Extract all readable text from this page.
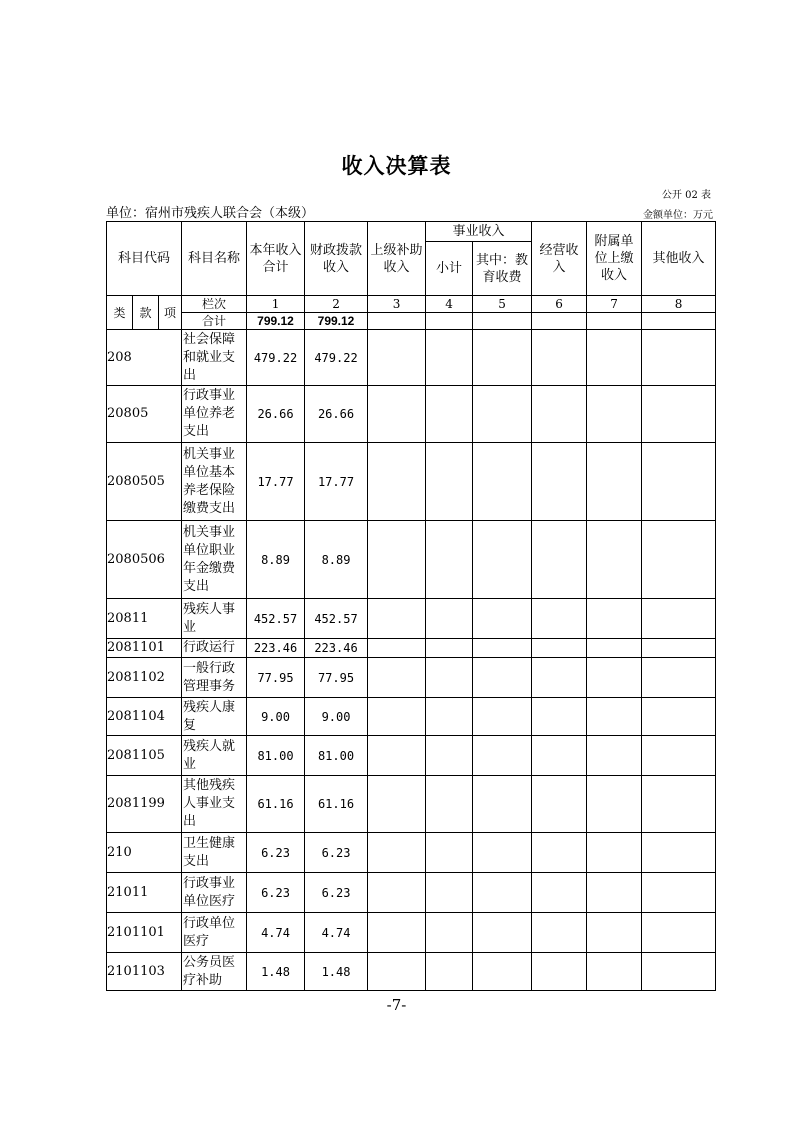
收入决算表
公开 02 表
单位：宿州市残疾人联合会（本级）	金额单位：万元
科目代码			科目名称	本年收入合计	财政拨款收入	上级补助收入	事业收入		经营收入	附属单位上缴收入	其他收入
							小计	其中：教育收费			

类	款	项	栏次	1	2	3	4	5	6	7	8
			合计	799.12	799.12						
208			社会保障和就业支出	479.22	479.22						
20805			行政事业单位养老支出	26.66	26.66						
2080505			机关事业单位基本养老保险缴费支出	17.77	17.77						
2080506			机关事业单位职业年金缴费支出	8.89	8.89						
20811			残疾人事业	452.57	452.57						
2081101			行政运行	223.46	223.46						
2081102			一般行政管理事务	77.95	77.95						
2081104			残疾人康复	9.00	9.00						
2081105			残疾人就业	81.00	81.00						
2081199			其他残疾人事业支出	61.16	61.16						
210			卫生健康支出	6.23	6.23						
21011			行政事业单位医疗	6.23	6.23						
2101101			行政单位医疗	4.74	4.74						
2101103			公务员医疗补助	1.48	1.48						
-7-
